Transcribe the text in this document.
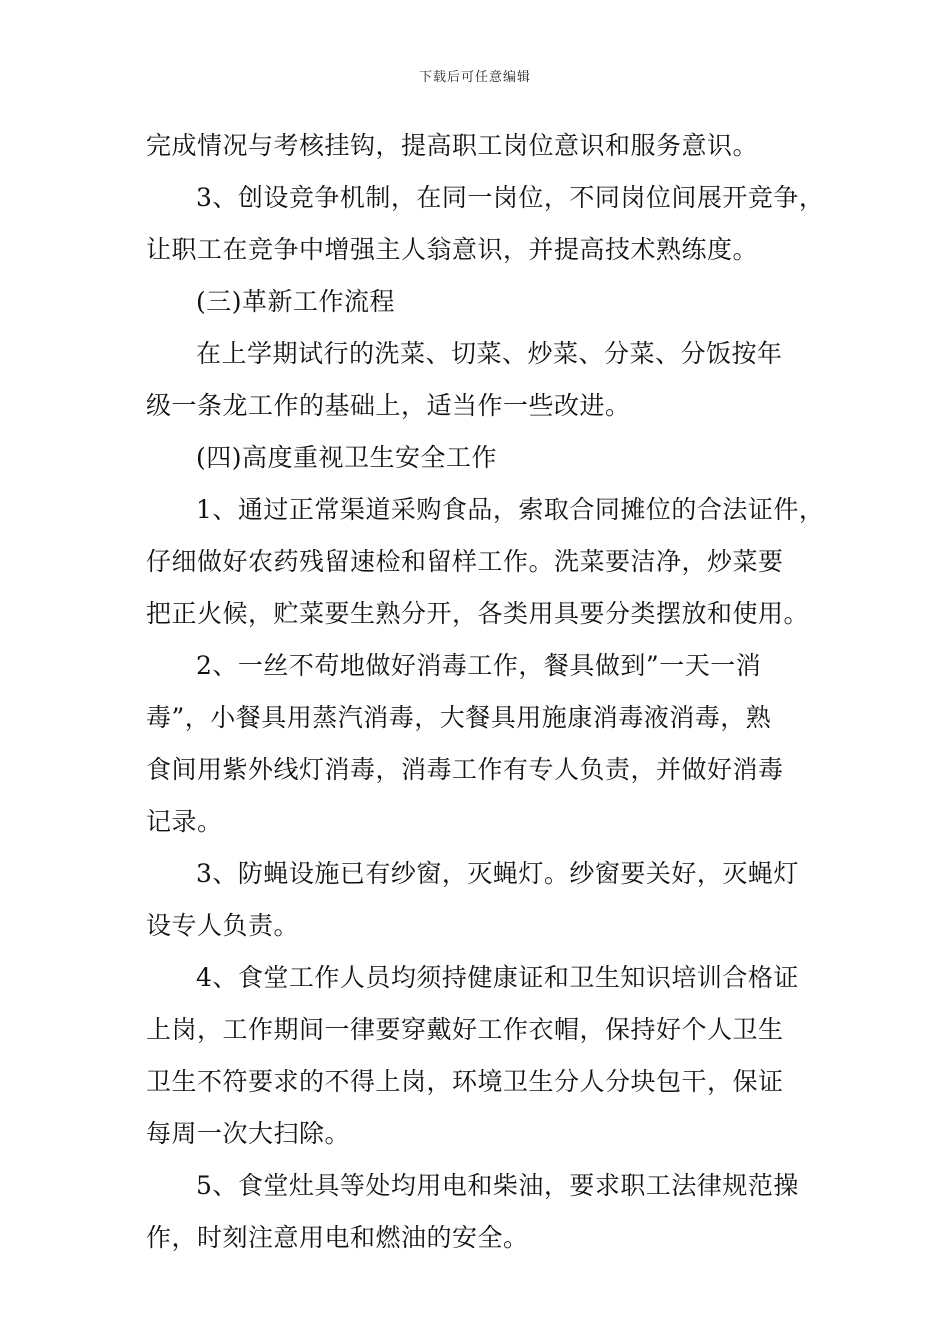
下载后可任意编辑
完成情况与考核挂钩，提高职工岗位意识和服务意识。
3、创设竞争机制，在同一岗位，不同岗位间展开竞争，
让职工在竞争中增强主人翁意识，并提高技术熟练度。
(三)革新工作流程
在上学期试行的洗菜、切菜、炒菜、分菜、分饭按年
级一条龙工作的基础上，适当作一些改进。
(四)高度重视卫生安全工作
1、通过正常渠道采购食品，索取合同摊位的合法证件，
仔细做好农药残留速检和留样工作。洗菜要洁净，炒菜要
把正火候，贮菜要生熟分开，各类用具要分类摆放和使用。
2、一丝不苟地做好消毒工作，餐具做到”一天一消
毒”，小餐具用蒸汽消毒，大餐具用施康消毒液消毒，熟
食间用紫外线灯消毒，消毒工作有专人负责，并做好消毒
记录。
3、防蝇设施已有纱窗，灭蝇灯。纱窗要关好，灭蝇灯
设专人负责。
4、食堂工作人员均须持健康证和卫生知识培训合格证
上岗，工作期间一律要穿戴好工作衣帽，保持好个人卫生
卫生不符要求的不得上岗，环境卫生分人分块包干，保证
每周一次大扫除。
5、食堂灶具等处均用电和柴油，要求职工法律规范操
作，时刻注意用电和燃油的安全。
